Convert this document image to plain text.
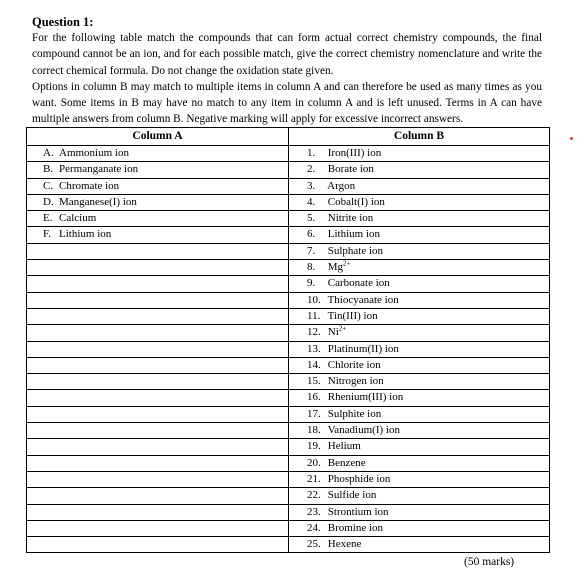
Question 1:

For the following table match the compounds that can form actual correct chemistry compounds, the final compound cannot be an ion, and for each possible match, give the correct chemistry nomenclature and write the correct chemical formula. Do not change the oxidation state given.

Options in column B may match to multiple items in column A and can therefore be used as many times as you want. Some items in B may have no match to any item in column A and is left unused. Terms in A can have multiple answers from column B. Negative marking will apply for excessive incorrect answers.

Column A	Column B
A. Ammonium ion	1. Iron(III) ion
B. Permanganate ion	2. Borate ion
C. Chromate ion	3. Argon
D. Manganese(I) ion	4. Cobalt(I) ion
E. Calcium	5. Nitrite ion
F. Lithium ion	6. Lithium ion
	7. Sulphate ion
	8. $Mg^{2+}$
	9. Carbonate ion
	10. Thiocyanate ion
	11. Tin(III) ion
	12. $Ni^{2+}$
	13. Platinum(II) ion
	14. Chlorite ion
	15. Nitrogen ion
	16. Rhenium(III) ion
	17. Sulphite ion
	18. Vanadium(I) ion
	19. Helium
	20. Benzene
	21. Phosphide ion
	22. Sulfide ion
	23. Strontium ion
	24. Bromine ion
	25. Hexene
(50 marks)
